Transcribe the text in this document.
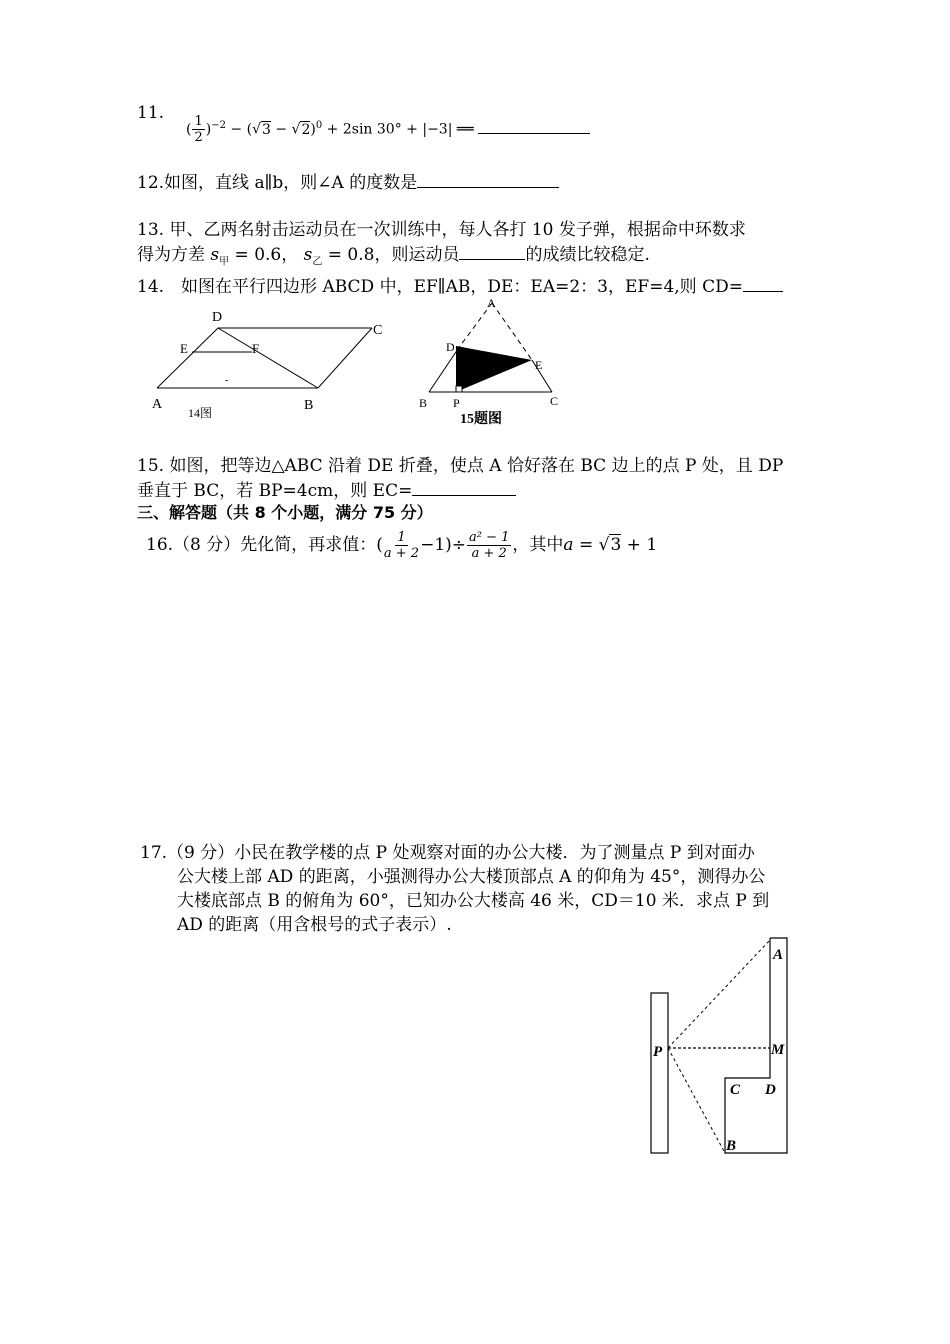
11.
( $\frac{1}{2} )^{-2} - (√3 - √2)^0 + 2\sin$ 30° + |−3| ══
12.如图，直线 a∥b，则∠A 的度数是
13. 甲、乙两名射击运动员在一次训练中，每人各打 10 发子弹，根据命中环数求
得为方差 $s_甲 = 0.6$， $s_乙 = 0.8$，则运动员	的成绩比较稳定.
14.　如图在平行四边形 ABCD 中，EF∥AB，DE：EA=2：3，EF=4,则 CD=
D
C
E	F
A	B
-
14图
A
D
E
B P	C
15题图
15. 如图，把等边△ABC 沿着 DE 折叠，使点 A 恰好落在 BC 边上的点 P 处，且 DP
垂直于 BC，若 BP=4cm，则 EC=
三、解答题（共 8 个小题，满分 75 分）
16.（8 分）先化简，再求值：( $\frac{1}{a + 2} -1)\div \frac{\text{a² − 1}}{a + 2}$ ，其中a = √3 + 1
17.（9 分）小民在教学楼的点 P 处观察对面的办公大楼．为了测量点 P 到对面办
公大楼上部 AD 的距离，小强测得办公大楼顶部点 A 的仰角为 45°，测得办公
大楼底部点 B 的俯角为 60°，已知办公大楼高 46 米，CD＝10 米．求点 P 到
AD 的距离（用含根号的式子表示）.
A
M
P
C D
B
